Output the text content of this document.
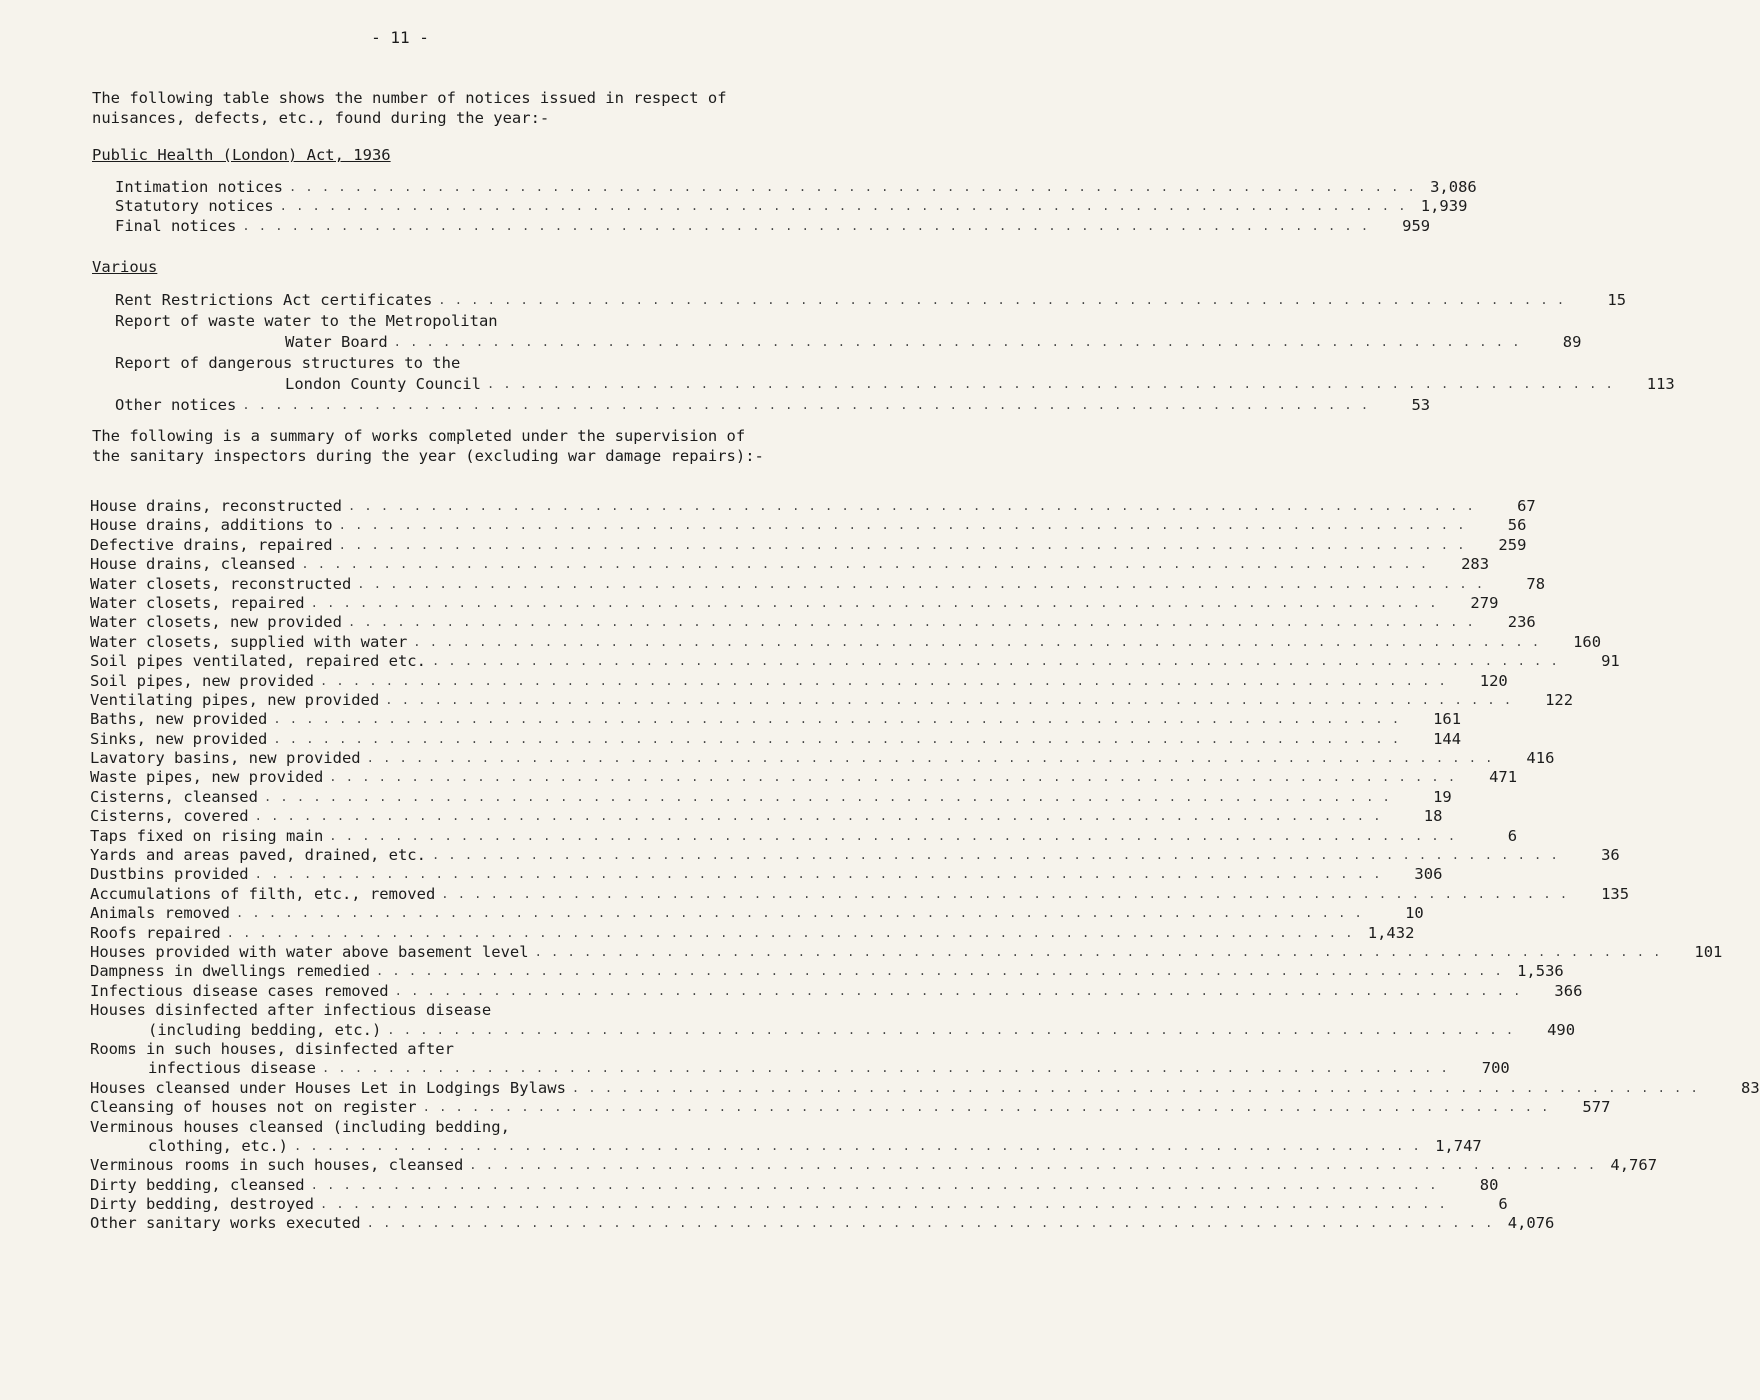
- 11 -

The following table shows the number of notices issued in respect of nuisances, defects, etc., found during the year:-

Public Health (London) Act, 1936
Intimation notices . . . . . . . . . . . . . . . . . . . . . . . . . . . . . . . . . . . . . . . . . . . . . . . . . . . . . . . . . . . . . . . . . . . . . 3,086
Statutory notices . . . . . . . . . . . . . . . . . . . . . . . . . . . . . . . . . . . . . . . . . . . . . . . . . . . . . . . . . . . . . . . . . . . . . 1,939
Final notices . . . . . . . . . . . . . . . . . . . . . . . . . . . . . . . . . . . . . . . . . . . . . . . . . . . . . . . . . . . . . . . . . . . . .	959
Various
Rent Restrictions Act certificates . . . . . . . . . . . . . . . . . . . . . . . . . . . . . . . . . . . . . . . . . . . . . . . . . . . . . . . . . . . . . . . . . . . . .	15
Report of waste water to the Metropolitan
Water Board . . . . . . . . . . . . . . . . . . . . . . . . . . . . . . . . . . . . . . . . . . . . . . . . . . . . . . . . . . . . . . . . . . . . .	89
Report of dangerous structures to the
London County Council . . . . . . . . . . . . . . . . . . . . . . . . . . . . . . . . . . . . . . . . . . . . . . . . . . . . . . . . . . . . . . . . . . . . .	113
Other notices . . . . . . . . . . . . . . . . . . . . . . . . . . . . . . . . . . . . . . . . . . . . . . . . . . . . . . . . . . . . . . . . . . . . .	53

The following is a summary of works completed under the supervision of the sanitary inspectors during the year (excluding war damage repairs):-

House drains, reconstructed . . . . . . . . . . . . . . . . . . . . . . . . . . . . . . . . . . . . . . . . . . . . . . . . . . . . . . . . . . . . . . . . . . . . .	67
House drains, additions to . . . . . . . . . . . . . . . . . . . . . . . . . . . . . . . . . . . . . . . . . . . . . . . . . . . . . . . . . . . . . . . . . . . . .	56
Defective drains, repaired . . . . . . . . . . . . . . . . . . . . . . . . . . . . . . . . . . . . . . . . . . . . . . . . . . . . . . . . . . . . . . . . . . . . .	259
House drains, cleansed . . . . . . . . . . . . . . . . . . . . . . . . . . . . . . . . . . . . . . . . . . . . . . . . . . . . . . . . . . . . . . . . . . . . .	283
Water closets, reconstructed . . . . . . . . . . . . . . . . . . . . . . . . . . . . . . . . . . . . . . . . . . . . . . . . . . . . . . . . . . . . . . . . . . . . .	78
Water closets, repaired . . . . . . . . . . . . . . . . . . . . . . . . . . . . . . . . . . . . . . . . . . . . . . . . . . . . . . . . . . . . . . . . . . . . .	279
Water closets, new provided . . . . . . . . . . . . . . . . . . . . . . . . . . . . . . . . . . . . . . . . . . . . . . . . . . . . . . . . . . . . . . . . . . . . .	236
Water closets, supplied with water . . . . . . . . . . . . . . . . . . . . . . . . . . . . . . . . . . . . . . . . . . . . . . . . . . . . . . . . . . . . . . . . . . . . .	160
Soil pipes ventilated, repaired etc. . . . . . . . . . . . . . . . . . . . . . . . . . . . . . . . . . . . . . . . . . . . . . . . . . . . . . . . . . . . . . . . . . . . . .	91
Soil pipes, new provided . . . . . . . . . . . . . . . . . . . . . . . . . . . . . . . . . . . . . . . . . . . . . . . . . . . . . . . . . . . . . . . . . . . . .	120
Ventilating pipes, new provided . . . . . . . . . . . . . . . . . . . . . . . . . . . . . . . . . . . . . . . . . . . . . . . . . . . . . . . . . . . . . . . . . . . . .	122
Baths, new provided . . . . . . . . . . . . . . . . . . . . . . . . . . . . . . . . . . . . . . . . . . . . . . . . . . . . . . . . . . . . . . . . . . . . .	161
Sinks, new provided . . . . . . . . . . . . . . . . . . . . . . . . . . . . . . . . . . . . . . . . . . . . . . . . . . . . . . . . . . . . . . . . . . . . .	144
Lavatory basins, new provided . . . . . . . . . . . . . . . . . . . . . . . . . . . . . . . . . . . . . . . . . . . . . . . . . . . . . . . . . . . . . . . . . . . . .	416
Waste pipes, new provided . . . . . . . . . . . . . . . . . . . . . . . . . . . . . . . . . . . . . . . . . . . . . . . . . . . . . . . . . . . . . . . . . . . . .	471
Cisterns, cleansed . . . . . . . . . . . . . . . . . . . . . . . . . . . . . . . . . . . . . . . . . . . . . . . . . . . . . . . . . . . . . . . . . . . . .	19
Cisterns, covered . . . . . . . . . . . . . . . . . . . . . . . . . . . . . . . . . . . . . . . . . . . . . . . . . . . . . . . . . . . . . . . . . . . . .	18
Taps fixed on rising main . . . . . . . . . . . . . . . . . . . . . . . . . . . . . . . . . . . . . . . . . . . . . . . . . . . . . . . . . . . . . . . . . . . . .	6
Yards and areas paved, drained, etc. . . . . . . . . . . . . . . . . . . . . . . . . . . . . . . . . . . . . . . . . . . . . . . . . . . . . . . . . . . . . . . . . . . . . .	36
Dustbins provided . . . . . . . . . . . . . . . . . . . . . . . . . . . . . . . . . . . . . . . . . . . . . . . . . . . . . . . . . . . . . . . . . . . . .	306
Accumulations of filth, etc., removed . . . . . . . . . . . . . . . . . . . . . . . . . . . . . . . . . . . . . . . . . . . . . . . . . . . . . . . . . . . . . . . . . . . . .	135
Animals removed . . . . . . . . . . . . . . . . . . . . . . . . . . . . . . . . . . . . . . . . . . . . . . . . . . . . . . . . . . . . . . . . . . . . .	10
Roofs repaired . . . . . . . . . . . . . . . . . . . . . . . . . . . . . . . . . . . . . . . . . . . . . . . . . . . . . . . . . . . . . . . . . . . . . 1,432
Houses provided with water above basement level . . . . . . . . . . . . . . . . . . . . . . . . . . . . . . . . . . . . . . . . . . . . . . . . . . . . . . . . . . . . . . . . . . . . .	101
Dampness in dwellings remedied . . . . . . . . . . . . . . . . . . . . . . . . . . . . . . . . . . . . . . . . . . . . . . . . . . . . . . . . . . . . . . . . . . . . . 1,536
Infectious disease cases removed . . . . . . . . . . . . . . . . . . . . . . . . . . . . . . . . . . . . . . . . . . . . . . . . . . . . . . . . . . . . . . . . . . . . .	366
Houses disinfected after infectious disease
(including bedding, etc.) . . . . . . . . . . . . . . . . . . . . . . . . . . . . . . . . . . . . . . . . . . . . . . . . . . . . . . . . . . . . . . . . . . . . .	490
Rooms in such houses, disinfected after
infectious disease . . . . . . . . . . . . . . . . . . . . . . . . . . . . . . . . . . . . . . . . . . . . . . . . . . . . . . . . . . . . . . . . . . . . .	700
Houses cleansed under Houses Let in Lodgings Bylaws . . . . . . . . . . . . . . . . . . . . . . . . . . . . . . . . . . . . . . . . . . . . . . . . . . . . . . . . . . . . . . . . . . . . .	83
Cleansing of houses not on register . . . . . . . . . . . . . . . . . . . . . . . . . . . . . . . . . . . . . . . . . . . . . . . . . . . . . . . . . . . . . . . . . . . . .	577
Verminous houses cleansed (including bedding,
clothing, etc.) . . . . . . . . . . . . . . . . . . . . . . . . . . . . . . . . . . . . . . . . . . . . . . . . . . . . . . . . . . . . . . . . . . . . . 1,747
Verminous rooms in such houses, cleansed . . . . . . . . . . . . . . . . . . . . . . . . . . . . . . . . . . . . . . . . . . . . . . . . . . . . . . . . . . . . . . . . . . . . . 4,767
Dirty bedding, cleansed . . . . . . . . . . . . . . . . . . . . . . . . . . . . . . . . . . . . . . . . . . . . . . . . . . . . . . . . . . . . . . . . . . . . .	80
Dirty bedding, destroyed . . . . . . . . . . . . . . . . . . . . . . . . . . . . . . . . . . . . . . . . . . . . . . . . . . . . . . . . . . . . . . . . . . . . .	6
Other sanitary works executed . . . . . . . . . . . . . . . . . . . . . . . . . . . . . . . . . . . . . . . . . . . . . . . . . . . . . . . . . . . . . . . . . . . . . 4,076
